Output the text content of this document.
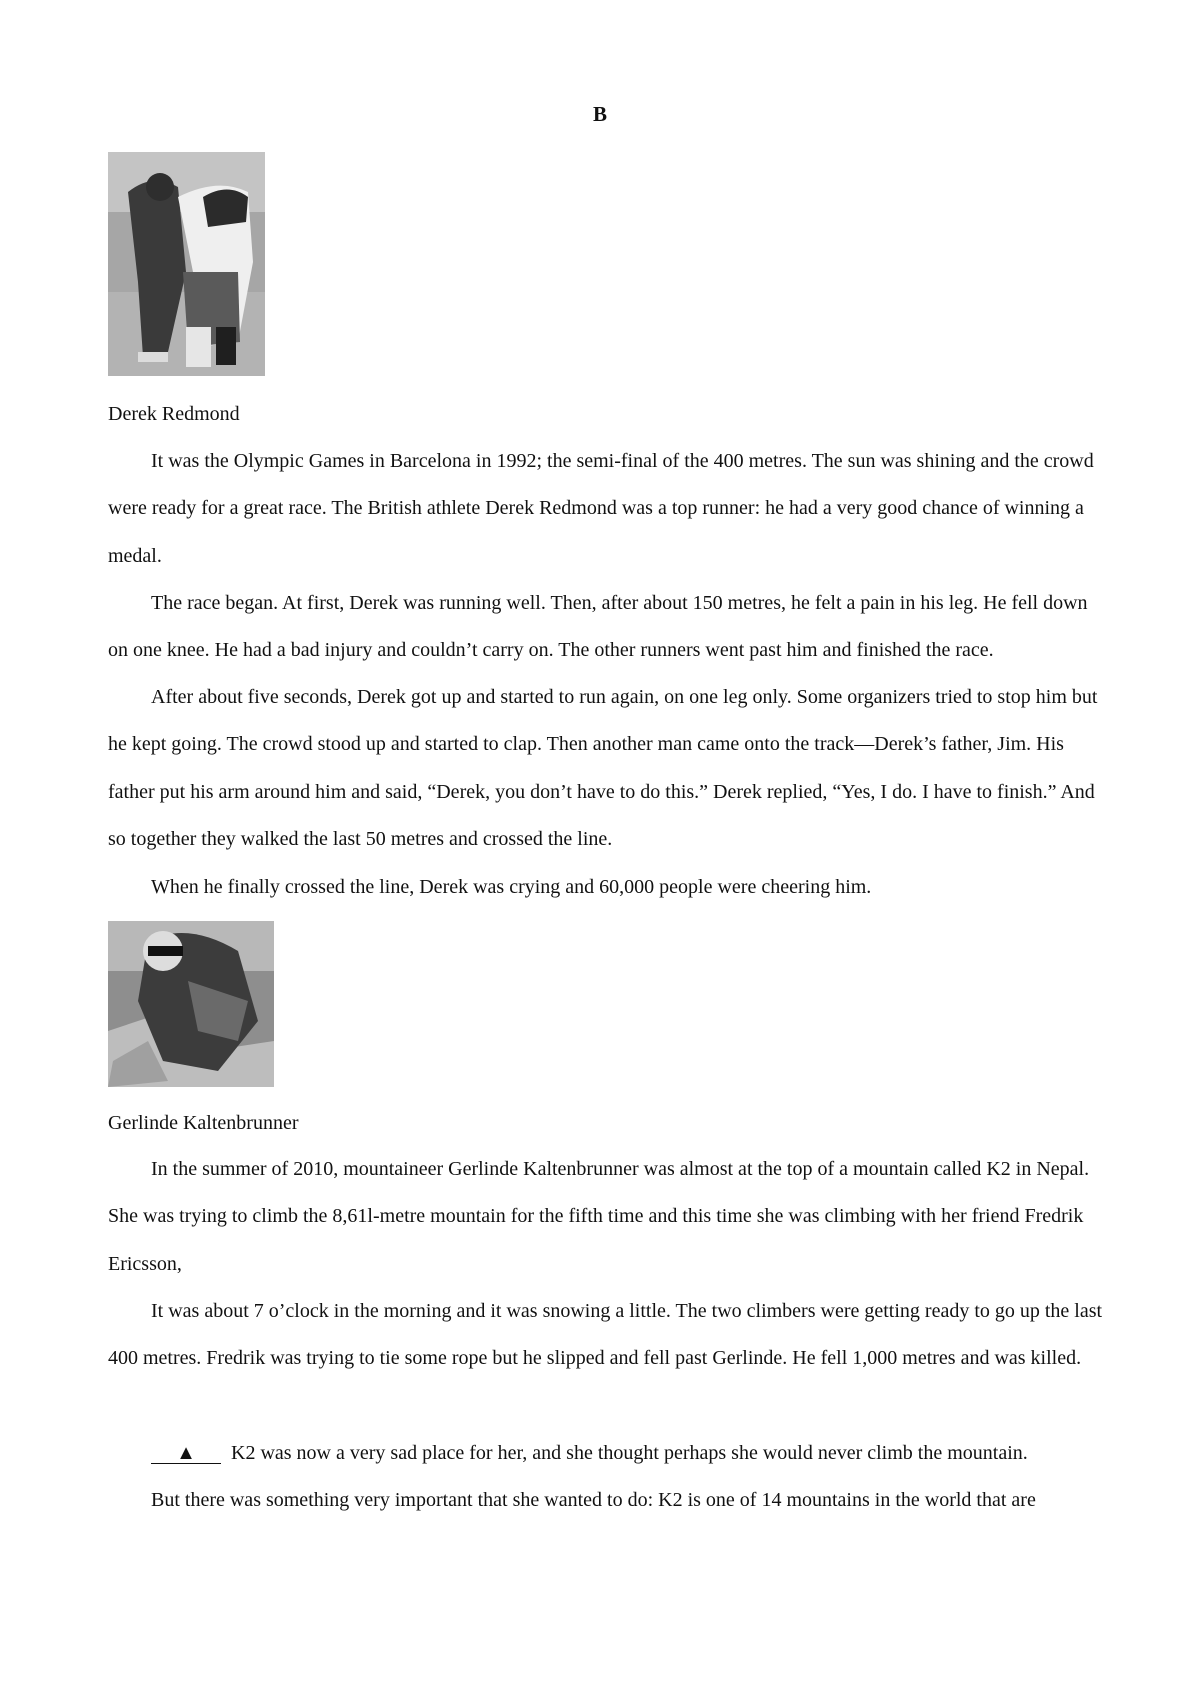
B
Derek Redmond

It was the Olympic Games in Barcelona in 1992; the semi-final of the 400 metres. The sun was shining and the crowd were ready for a great race. The British athlete Derek Redmond was a top runner: he had a very good chance of winning a medal.

The race began. At first, Derek was running well. Then, after about 150 metres, he felt a pain in his leg. He fell down on one knee. He had a bad injury and couldn’t carry on. The other runners went past him and finished the race.

After about five seconds, Derek got up and started to run again, on one leg only. Some organizers tried to stop him but he kept going. The crowd stood up and started to clap. Then another man came onto the track—Derek’s father, Jim. His father put his arm around him and said, “Derek, you don’t have to do this.” Derek replied, “Yes, I do. I have to finish.” And so together they walked the last 50 metres and crossed the line.

When he finally crossed the line, Derek was crying and 60,000 people were cheering him.

Gerlinde Kaltenbrunner

In the summer of 2010, mountaineer Gerlinde Kaltenbrunner was almost at the top of a mountain called K2 in Nepal. She was trying to climb the 8,61l-metre mountain for the fifth time and this time she was climbing with her friend Fredrik Ericsson,

It was about 7 o’clock in the morning and it was snowing a little. The two climbers were getting ready to go up the last 400 metres. Fredrik was trying to tie some rope but he slipped and fell past Gerlinde. He fell 1,000 metres and was killed.

▲ K2 was now a very sad place for her, and she thought perhaps she would never climb the mountain.

But there was something very important that she wanted to do: K2 is one of 14 mountains in the world that are
